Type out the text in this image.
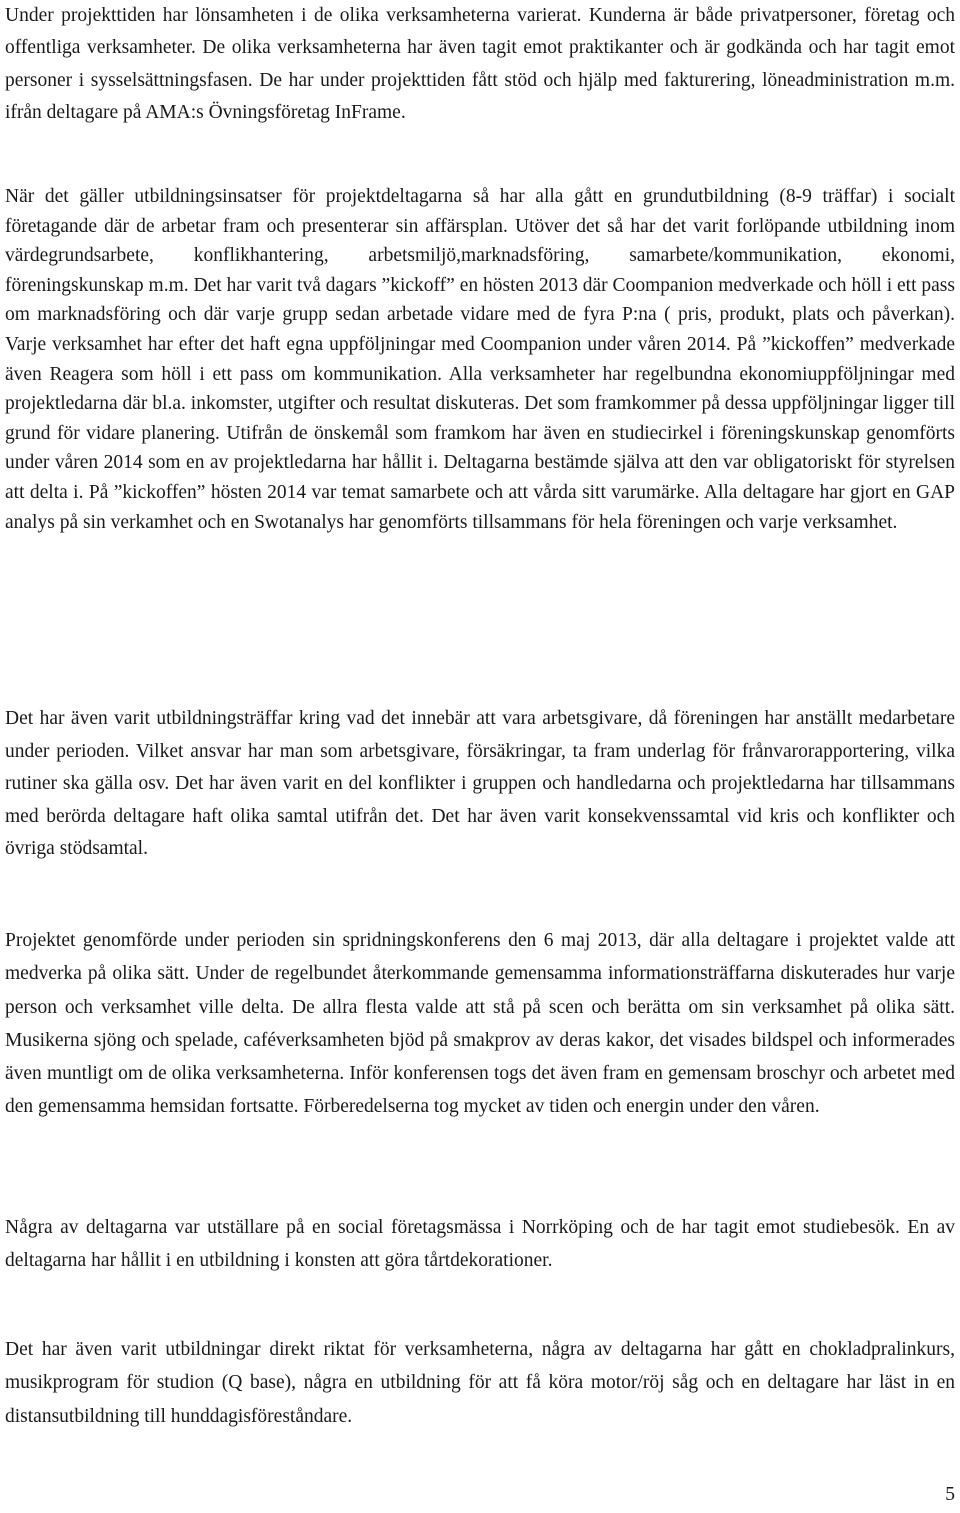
Under projekttiden har lönsamheten i de olika verksamheterna varierat. Kunderna är både privatpersoner, företag och offentliga verksamheter. De olika verksamheterna har även tagit emot praktikanter och är godkända och har tagit emot personer i sysselsättningsfasen. De har under projekttiden fått stöd och hjälp med fakturering, löneadministration m.m. ifrån deltagare på AMA:s Övningsföretag InFrame.

När det gäller utbildningsinsatser för projektdeltagarna så har alla gått en grundutbildning (8-9 träffar) i socialt företagande där de arbetar fram och presenterar sin affärsplan. Utöver det så har det varit forlöpande utbildning inom värdegrundsarbete, konflikhantering, arbetsmiljö,marknadsföring, samarbete/kommunikation, ekonomi, föreningskunskap m.m. Det har varit två dagars ”kickoff” en hösten 2013 där Coompanion medverkade och höll i ett pass om marknadsföring och där varje grupp sedan arbetade vidare med de fyra P:na ( pris, produkt, plats och påverkan). Varje verksamhet har efter det haft egna uppföljningar med Coompanion under våren 2014. På ”kickoffen” medverkade även Reagera som höll i ett pass om kommunikation. Alla verksamheter har regelbundna ekonomiuppföljningar med projektledarna där bl.a. inkomster, utgifter och resultat diskuteras. Det som framkommer på dessa uppföljningar ligger till grund för vidare planering. Utifrån de önskemål som framkom har även en studiecirkel i föreningskunskap genomförts under våren 2014 som en av projektledarna har hållit i. Deltagarna bestämde själva att den var obligatoriskt för styrelsen att delta i. På ”kickoffen” hösten 2014 var temat samarbete och att vårda sitt varumärke. Alla deltagare har gjort en GAP analys på sin verkamhet och en Swotanalys har genomförts tillsammans för hela föreningen och varje verksamhet.

Det har även varit utbildningsträffar kring vad det innebär att vara arbetsgivare, då föreningen har anställt medarbetare under perioden. Vilket ansvar har man som arbetsgivare, försäkringar, ta fram underlag för frånvarorapportering, vilka rutiner ska gälla osv. Det har även varit en del konflikter i gruppen och handledarna och projektledarna har tillsammans med berörda deltagare haft olika samtal utifrån det. Det har även varit konsekvenssamtal vid kris och konflikter och övriga stödsamtal.

Projektet genomförde under perioden sin spridningskonferens den 6 maj 2013, där alla deltagare i projektet valde att medverka på olika sätt. Under de regelbundet återkommande gemensamma informationsträffarna diskuterades hur varje person och verksamhet ville delta. De allra flesta valde att stå på scen och berätta om sin verksamhet på olika sätt. Musikerna sjöng och spelade, caféverksamheten bjöd på smakprov av deras kakor, det visades bildspel och informerades även muntligt om de olika verksamheterna. Inför konferensen togs det även fram en gemensam broschyr och arbetet med den gemensamma hemsidan fortsatte. Förberedelserna tog mycket av tiden och energin under den våren.

Några av deltagarna var utställare på en social företagsmässa i Norrköping och de har tagit emot studiebesök. En av deltagarna har hållit i en utbildning i konsten att göra tårtdekorationer.

Det har även varit utbildningar direkt riktat för verksamheterna, några av deltagarna har gått en chokladpralinkurs, musikprogram för studion (Q base), några en utbildning för att få köra motor/röj såg och en deltagare har läst in en distansutbildning till hunddagisföreståndare.

5
